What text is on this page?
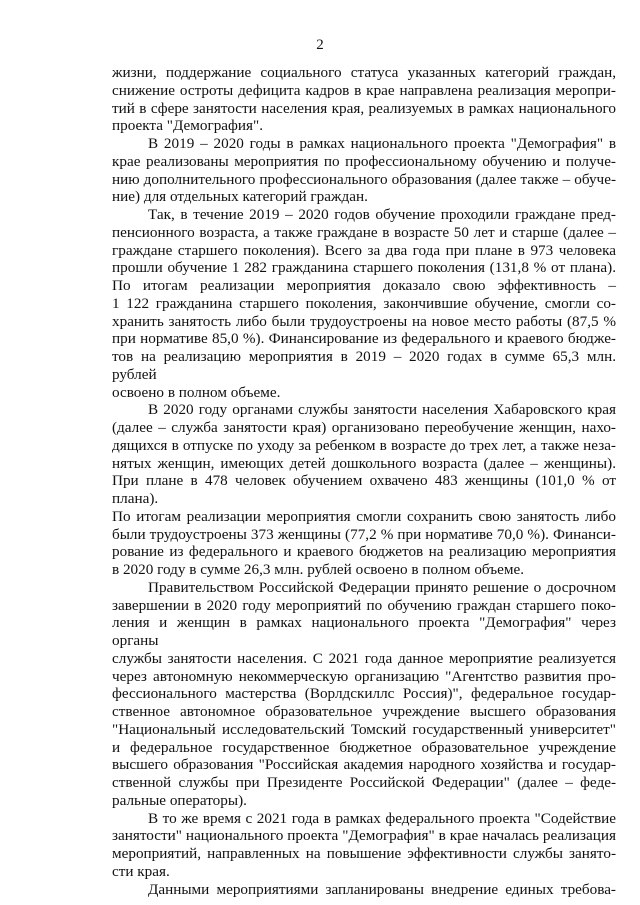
2
жизни, поддержание социального статуса указанных категорий граждан,
снижение остроты дефицита кадров в крае направлена реализация меропри-
тий в сфере занятости населения края, реализуемых в рамках национального
проекта "Демография".
В 2019 – 2020 годы в рамках национального проекта "Демография" в
крае реализованы мероприятия по профессиональному обучению и получе-
нию дополнительного профессионального образования (далее также – обуче-
ние) для отдельных категорий граждан.
Так, в течение 2019 – 2020 годов обучение проходили граждане пред-
пенсионного возраста, а также граждане в возрасте 50 лет и старше (далее –
граждане старшего поколения). Всего за два года при плане в 973 человека
прошли обучение 1 282 гражданина старшего поколения (131,8 % от плана).
По итогам реализации мероприятия доказало свою эффективность –
1 122 гражданина старшего поколения, закончившие обучение, смогли со-
хранить занятость либо были трудоустроены на новое место работы (87,5 %
при нормативе 85,0 %). Финансирование из федерального и краевого бюдже-
тов на реализацию мероприятия в 2019 – 2020 годах в сумме 65,3 млн. рублей
освоено в полном объеме.
В 2020 году органами службы занятости населения Хабаровского края
(далее – служба занятости края) организовано переобучение женщин, нахо-
дящихся в отпуске по уходу за ребенком в возрасте до трех лет, а также неза-
нятых женщин, имеющих детей дошкольного возраста (далее – женщины).
При плане в 478 человек обучением охвачено 483 женщины (101,0 % от плана).
По итогам реализации мероприятия смогли сохранить свою занятость либо
были трудоустроены 373 женщины (77,2 % при нормативе 70,0 %). Финанси-
рование из федерального и краевого бюджетов на реализацию мероприятия
в 2020 году в сумме 26,3 млн. рублей освоено в полном объеме.
Правительством Российской Федерации принято решение о досрочном
завершении в 2020 году мероприятий по обучению граждан старшего поко-
ления и женщин в рамках национального проекта "Демография" через органы
службы занятости населения. С 2021 года данное мероприятие реализуется
через автономную некоммерческую организацию "Агентство развития про-
фессионального мастерства (Ворлдскиллс Россия)", федеральное государ-
ственное автономное образовательное учреждение высшего образования
"Национальный исследовательский Томский государственный университет"
и федеральное государственное бюджетное образовательное учреждение
высшего образования "Российская академия народного хозяйства и государ-
ственной службы при Президенте Российской Федерации" (далее – феде-
ральные операторы).
В то же время с 2021 года в рамках федерального проекта "Содействие
занятости" национального проекта "Демография" в крае началась реализация
мероприятий, направленных на повышение эффективности службы занято-
сти края.
Данными мероприятиями запланированы внедрение единых требова-
